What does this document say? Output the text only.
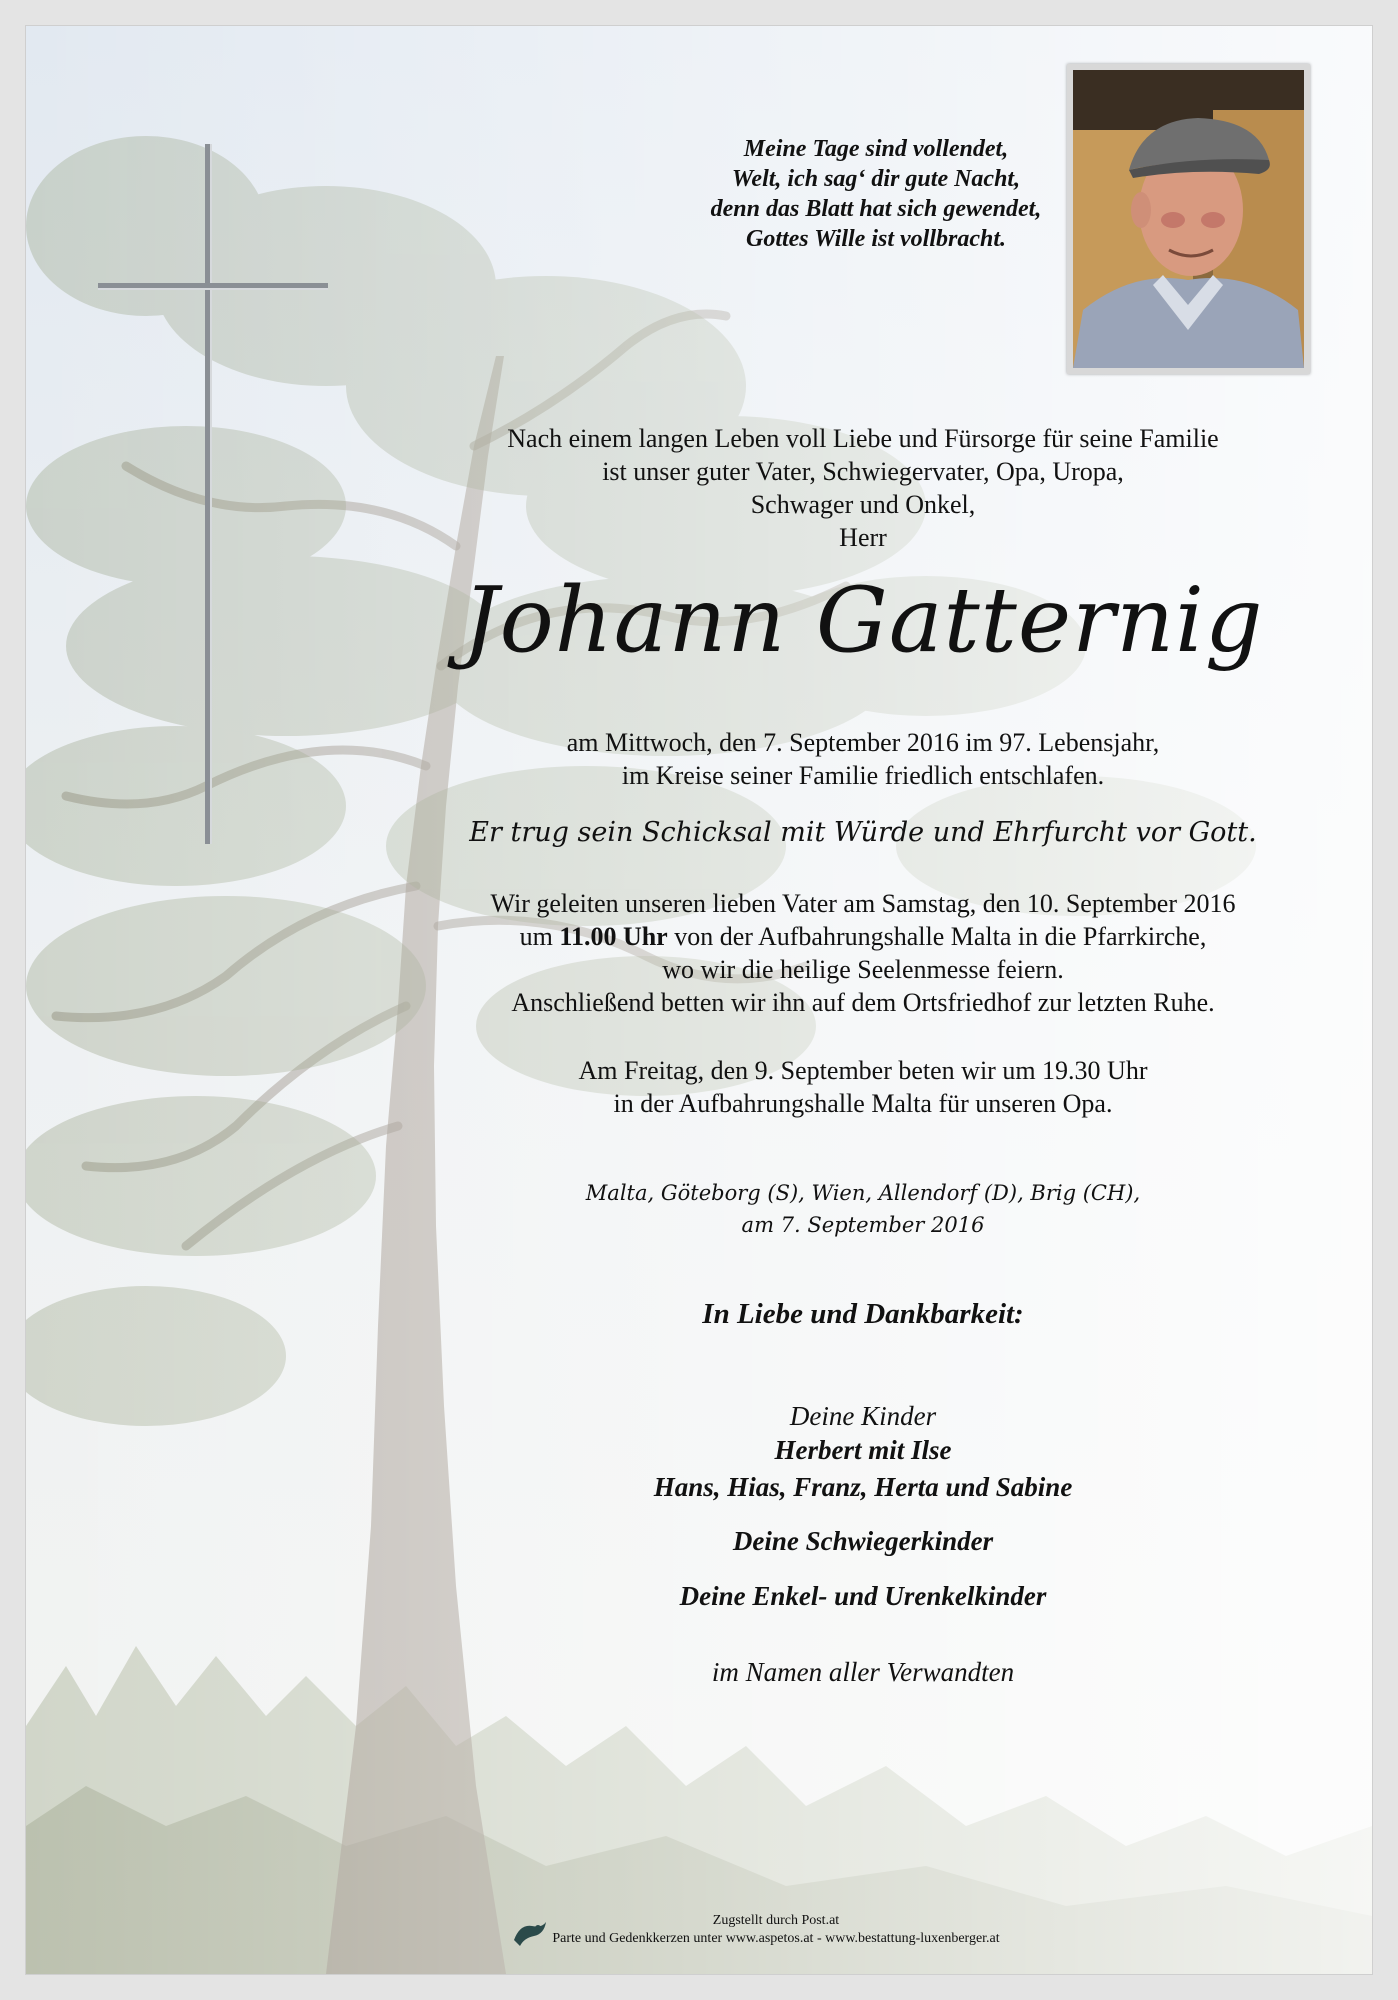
Meine Tage sind vollendet,
Welt, ich sag‘ dir gute Nacht,
denn das Blatt hat sich gewendet,
Gottes Wille ist vollbracht.
Nach einem langen Leben voll Liebe und Fürsorge für seine Familie
ist unser guter Vater, Schwiegervater, Opa, Uropa,
Schwager und Onkel,
Herr
Johann Gatternig
am Mittwoch, den 7. September 2016 im 97. Lebensjahr,
im Kreise seiner Familie friedlich entschlafen.
Er trug sein Schicksal mit Würde und Ehrfurcht vor Gott.
Wir geleiten unseren lieben Vater am Samstag, den 10. September 2016
um 11.00 Uhr von der Aufbahrungshalle Malta in die Pfarrkirche,
wo wir die heilige Seelenmesse feiern.
Anschließend betten wir ihn auf dem Ortsfriedhof zur letzten Ruhe.
Am Freitag, den 9. September beten wir um 19.30 Uhr
in der Aufbahrungshalle Malta für unseren Opa.
Malta, Göteborg (S), Wien, Allendorf (D), Brig (CH),
am 7. September 2016
In Liebe und Dankbarkeit:
Deine Kinder
Herbert mit Ilse
Hans, Hias, Franz, Herta und Sabine
Deine Schwiegerkinder
Deine Enkel- und Urenkelkinder
im Namen aller Verwandten
Zugstellt durch Post.at
Parte und Gedenkkerzen unter www.aspetos.at - www.bestattung-luxenberger.at
